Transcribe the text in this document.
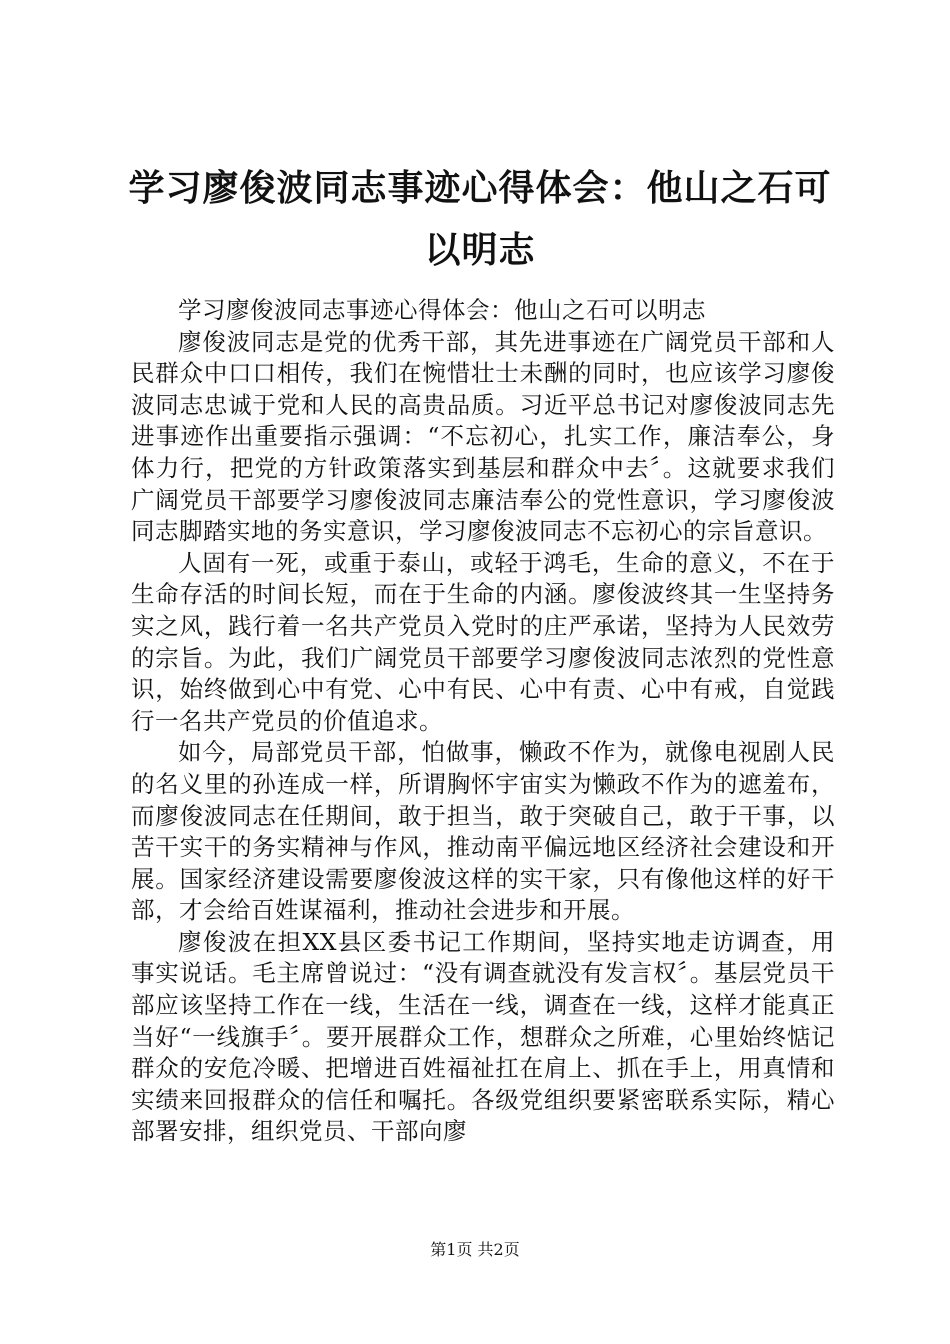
学习廖俊波同志事迹心得体会：他山之石可以明志

学习廖俊波同志事迹心得体会：他山之石可以明志

廖俊波同志是党的优秀干部，其先进事迹在广阔党员干部和人民群众中口口相传，我们在惋惜壮士未酬的同时，也应该学习廖俊波同志忠诚于党和人民的高贵品质。习近平总书记对廖俊波同志先进事迹作出重要指示强调：“不忘初心，扎实工作，廉洁奉公，身体力行，把党的方针政策落实到基层和群众中去〞。这就要求我们广阔党员干部要学习廖俊波同志廉洁奉公的党性意识，学习廖俊波同志脚踏实地的务实意识，学习廖俊波同志不忘初心的宗旨意识。

人固有一死，或重于泰山，或轻于鸿毛，生命的意义，不在于生命存活的时间长短，而在于生命的内涵。廖俊波终其一生坚持务实之风，践行着一名共产党员入党时的庄严承诺，坚持为人民效劳的宗旨。为此，我们广阔党员干部要学习廖俊波同志浓烈的党性意识，始终做到心中有党、心中有民、心中有责、心中有戒，自觉践行一名共产党员的价值追求。

如今，局部党员干部，怕做事，懒政不作为，就像电视剧人民的名义里的孙连成一样，所谓胸怀宇宙实为懒政不作为的遮羞布，而廖俊波同志在任期间，敢于担当，敢于突破自己，敢于干事，以苦干实干的务实精神与作风，推动南平偏远地区经济社会建设和开展。国家经济建设需要廖俊波这样的实干家，只有像他这样的好干部，才会给百姓谋福利，推动社会进步和开展。

廖俊波在担XX县区委书记工作期间，坚持实地走访调查，用事实说话。毛主席曾说过：“没有调查就没有发言权〞。基层党员干部应该坚持工作在一线，生活在一线，调查在一线，这样才能真正当好“一线旗手〞。要开展群众工作，想群众之所难，心里始终惦记群众的安危冷暖、把增进百姓福祉扛在肩上、抓在手上，用真情和实绩来回报群众的信任和嘱托。各级党组织要紧密联系实际，精心部署安排，组织党员、干部向廖

第1页 共2页
